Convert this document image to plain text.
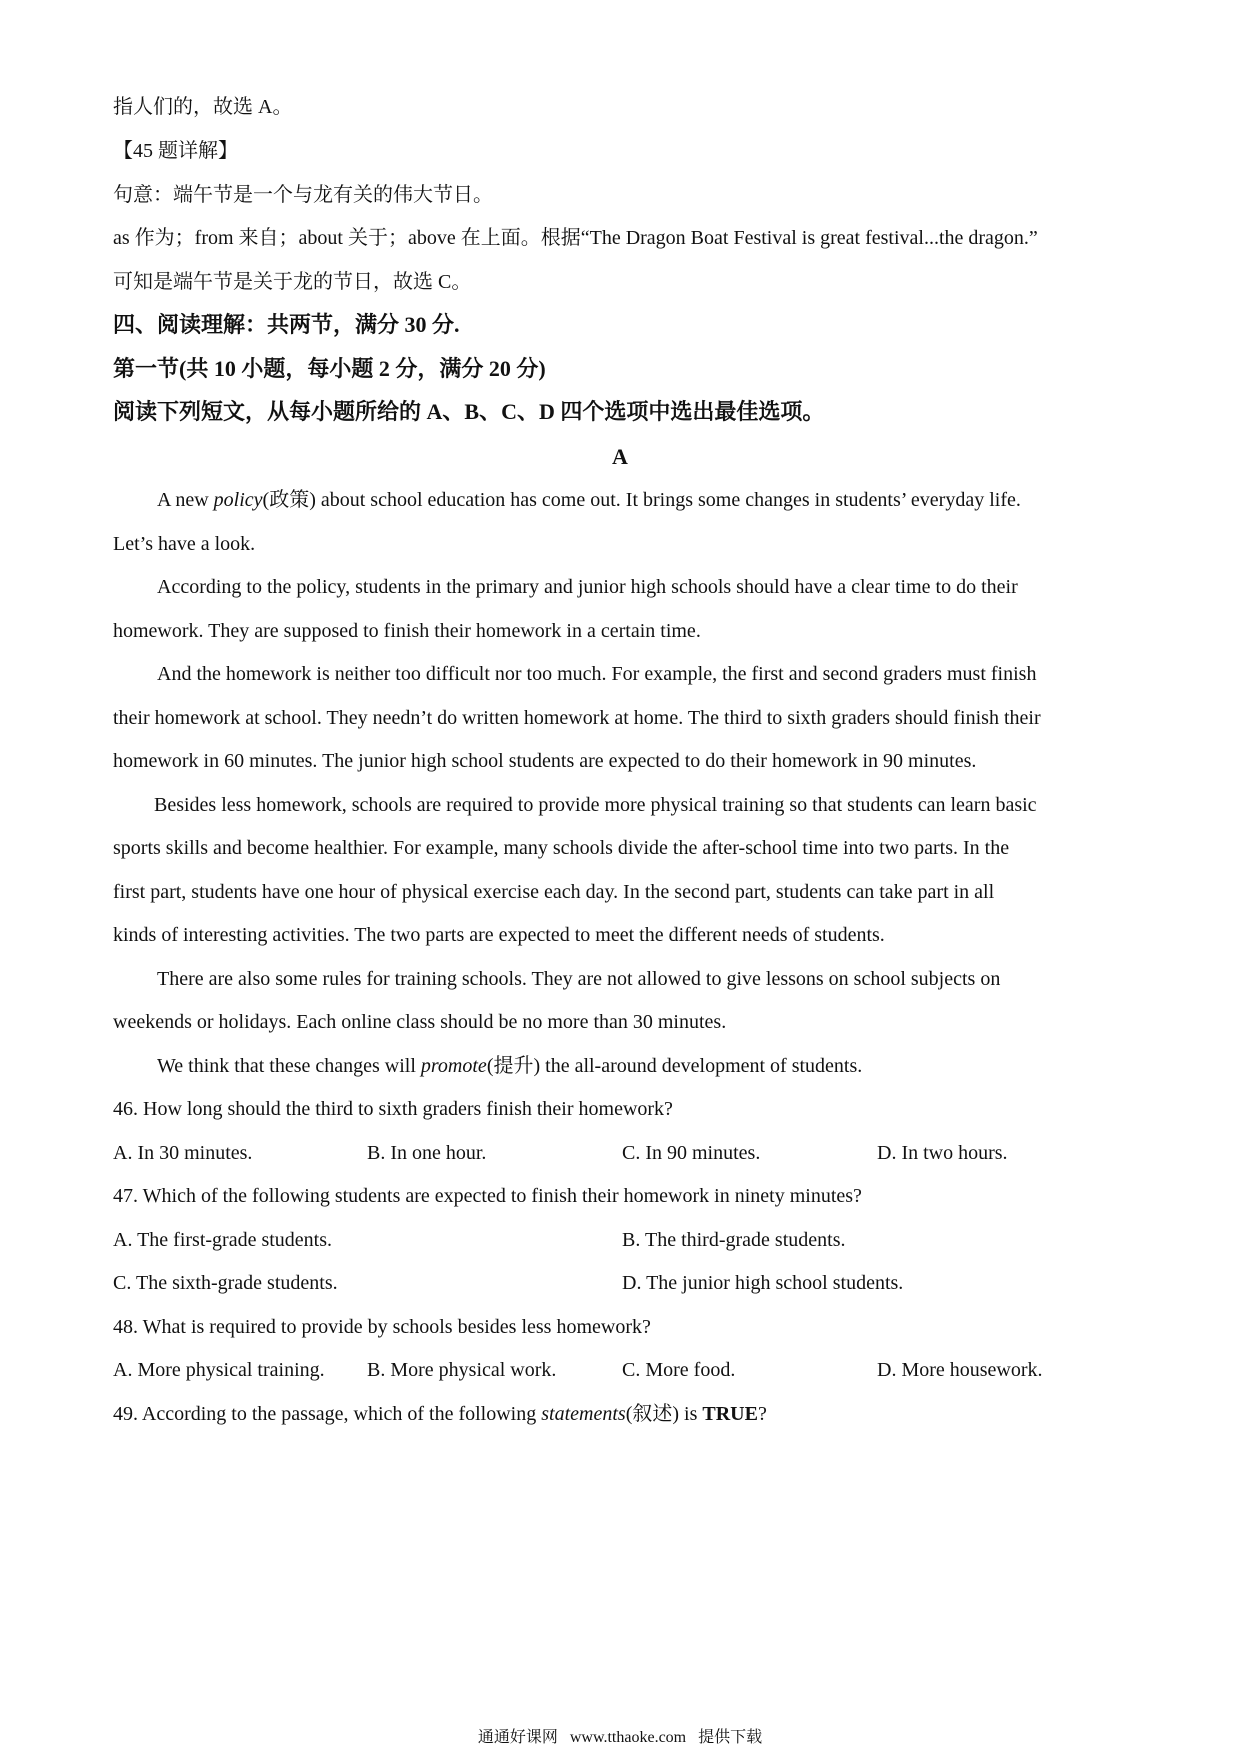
指人们的，故选 A。
【45 题详解】
句意：端午节是一个与龙有关的伟大节日。
as 作为；from 来自；about 关于；above 在上面。根据“The Dragon Boat Festival is great festival...the dragon.”
可知是端午节是关于龙的节日，故选 C。
四、阅读理解：共两节，满分 30 分.
第一节(共 10 小题，每小题 2 分，满分 20 分)
阅读下列短文，从每小题所给的 A、B、C、D 四个选项中选出最佳选项。
A
A new policy(政策) about school education has come out. It brings some changes in students’ everyday life.
Let’s have a look.
According to the policy, students in the primary and junior high schools should have a clear time to do their
homework. They are supposed to finish their homework in a certain time.
And the homework is neither too difficult nor too much. For example, the first and second graders must finish
their homework at school. They needn’t do written homework at home. The third to sixth graders should finish their
homework in 60 minutes. The junior high school students are expected to do their homework in 90 minutes.
Besides less homework, schools are required to provide more physical training so that students can learn basic
sports skills and become healthier. For example, many schools divide the after-school time into two parts. In the
first part, students have one hour of physical exercise each day. In the second part, students can take part in all
kinds of interesting activities. The two parts are expected to meet the different needs of students.
There are also some rules for training schools. They are not allowed to give lessons on school subjects on
weekends or holidays. Each online class should be no more than 30 minutes.
We think that these changes will promote(提升) the all-around development of students.
46. How long should the third to sixth graders finish their homework?
A. In 30 minutes.	B. In one hour.	C. In 90 minutes.	D. In two hours.
47. Which of the following students are expected to finish their homework in ninety minutes?
A. The first-grade students.	B. The third-grade students.
C. The sixth-grade students.	D. The junior high school students.
48. What is required to provide by schools besides less homework?
A. More physical training. B. More physical work.	C. More food.	D. More housework.
49. According to the passage, which of the following statements(叙述) is TRUE?
通通好课网 www.tthaoke.com 提供下载
